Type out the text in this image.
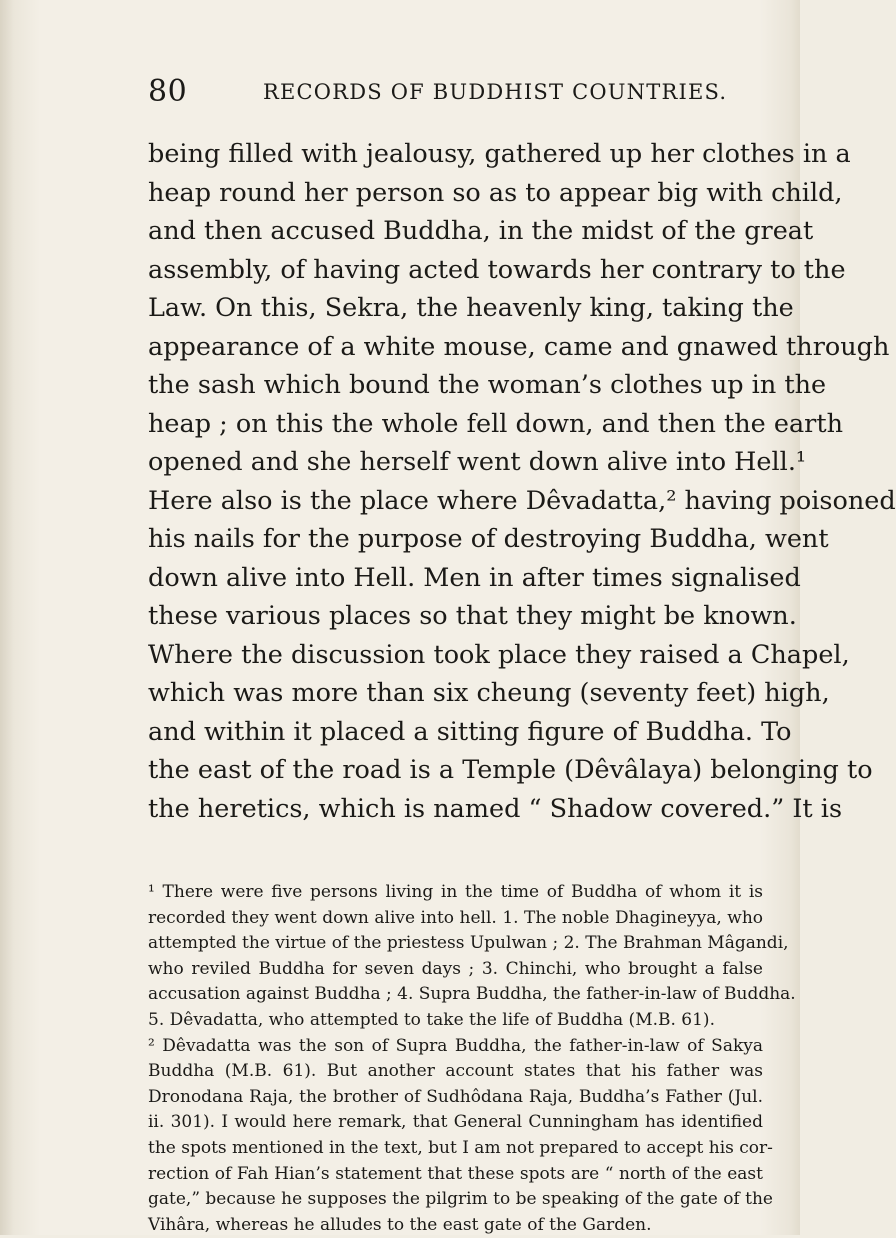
80	RECORDS OF BUDDHIST COUNTRIES.
being filled with jealousy, gathered up her clothes in a
heap round her person so as to appear big with child,
and then accused Buddha, in the midst of the great
assembly, of having acted towards her contrary to the
Law. On this, Sekra, the heavenly king, taking the
appearance of a white mouse, came and gnawed through
the sash which bound the woman’s clothes up in the
heap ; on this the whole fell down, and then the earth
opened and she herself went down alive into Hell.¹
Here also is the place where Dêvadatta,² having poisoned
his nails for the purpose of destroying Buddha, went
down alive into Hell. Men in after times signalised
these various places so that they might be known.
Where the discussion took place they raised a Chapel,
which was more than six cheung (seventy feet) high,
and within it placed a sitting figure of Buddha. To
the east of the road is a Temple (Dêvâlaya) belonging to
the heretics, which is named “ Shadow covered.” It is
¹ There were five persons living in the time of Buddha of whom it is
recorded they went down alive into hell. 1. The noble Dhagineyya, who
attempted the virtue of the priestess Upulwan ; 2. The Brahman Mâgandi,
who reviled Buddha for seven days ; 3. Chinchi, who brought a false
accusation against Buddha ; 4. Supra Buddha, the father-in-law of Buddha.
5. Dêvadatta, who attempted to take the life of Buddha (M.B. 61).
² Dêvadatta was the son of Supra Buddha, the father-in-law of Sakya
Buddha (M.B. 61). But another account states that his father was
Dronodana Raja, the brother of Sudhôdana Raja, Buddha’s Father (Jul.
ii. 301). I would here remark, that General Cunningham has identified
the spots mentioned in the text, but I am not prepared to accept his cor-
rection of Fah Hian’s statement that these spots are “ north of the east
gate,” because he supposes the pilgrim to be speaking of the gate of the
Vihâra, whereas he alludes to the east gate of the Garden.
